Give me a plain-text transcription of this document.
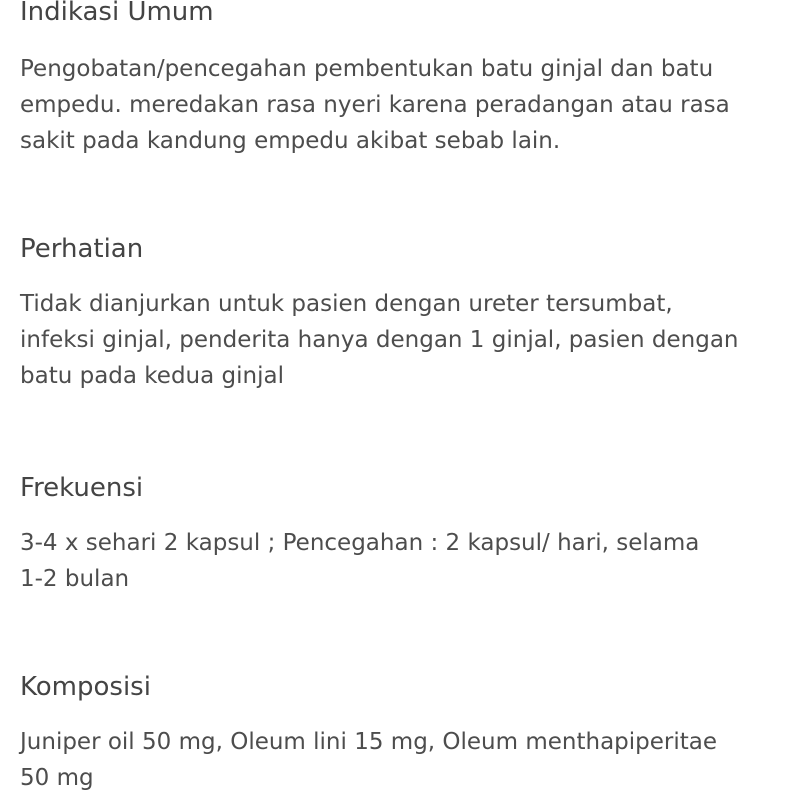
Indikasi Umum

Pengobatan/pencegahan pembentukan batu ginjal dan batu
empedu. meredakan rasa nyeri karena peradangan atau rasa
sakit pada kandung empedu akibat sebab lain.

Perhatian

Tidak dianjurkan untuk pasien dengan ureter tersumbat,
infeksi ginjal, penderita hanya dengan 1 ginjal, pasien dengan
batu pada kedua ginjal

Frekuensi

3-4 x sehari 2 kapsul ; Pencegahan : 2 kapsul/ hari, selama
1-2 bulan

Komposisi

Juniper oil 50 mg, Oleum lini 15 mg, Oleum menthapiperitae
50 mg
